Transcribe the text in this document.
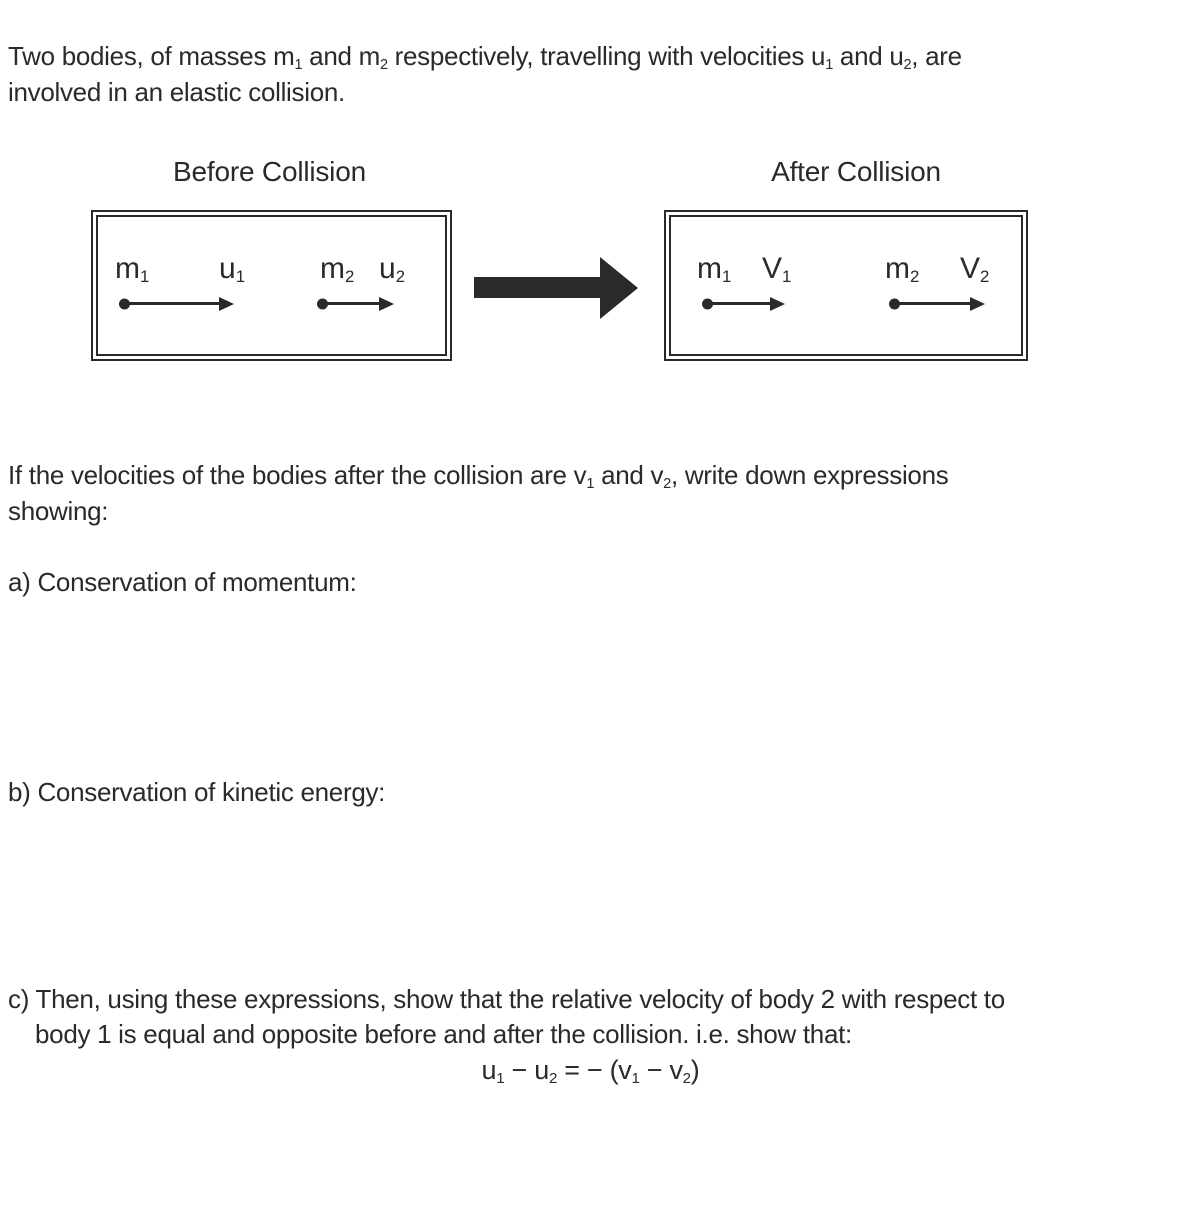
Two bodies, of masses $m_1$ and $m_2$ respectively, travelling with velocities $u_1$ and $u_2$, are
involved in an elastic collision.
Before Collision	After Collision
$m_1$ $u_1$ $m_2$ $u_2$	$m_1$ $V_1$	$m_2$ $V_2$
If the velocities of the bodies after the collision are $v_1$ and $v_2$, write down expressions
showing:
a) Conservation of momentum:
b) Conservation of kinetic energy:
c) Then, using these expressions, show that the relative velocity of body 2 with respect to
body 1 is equal and opposite before and after the collision. i.e. show that:
$u_1 - u_2$ = − $(v_1 - v_2)$
